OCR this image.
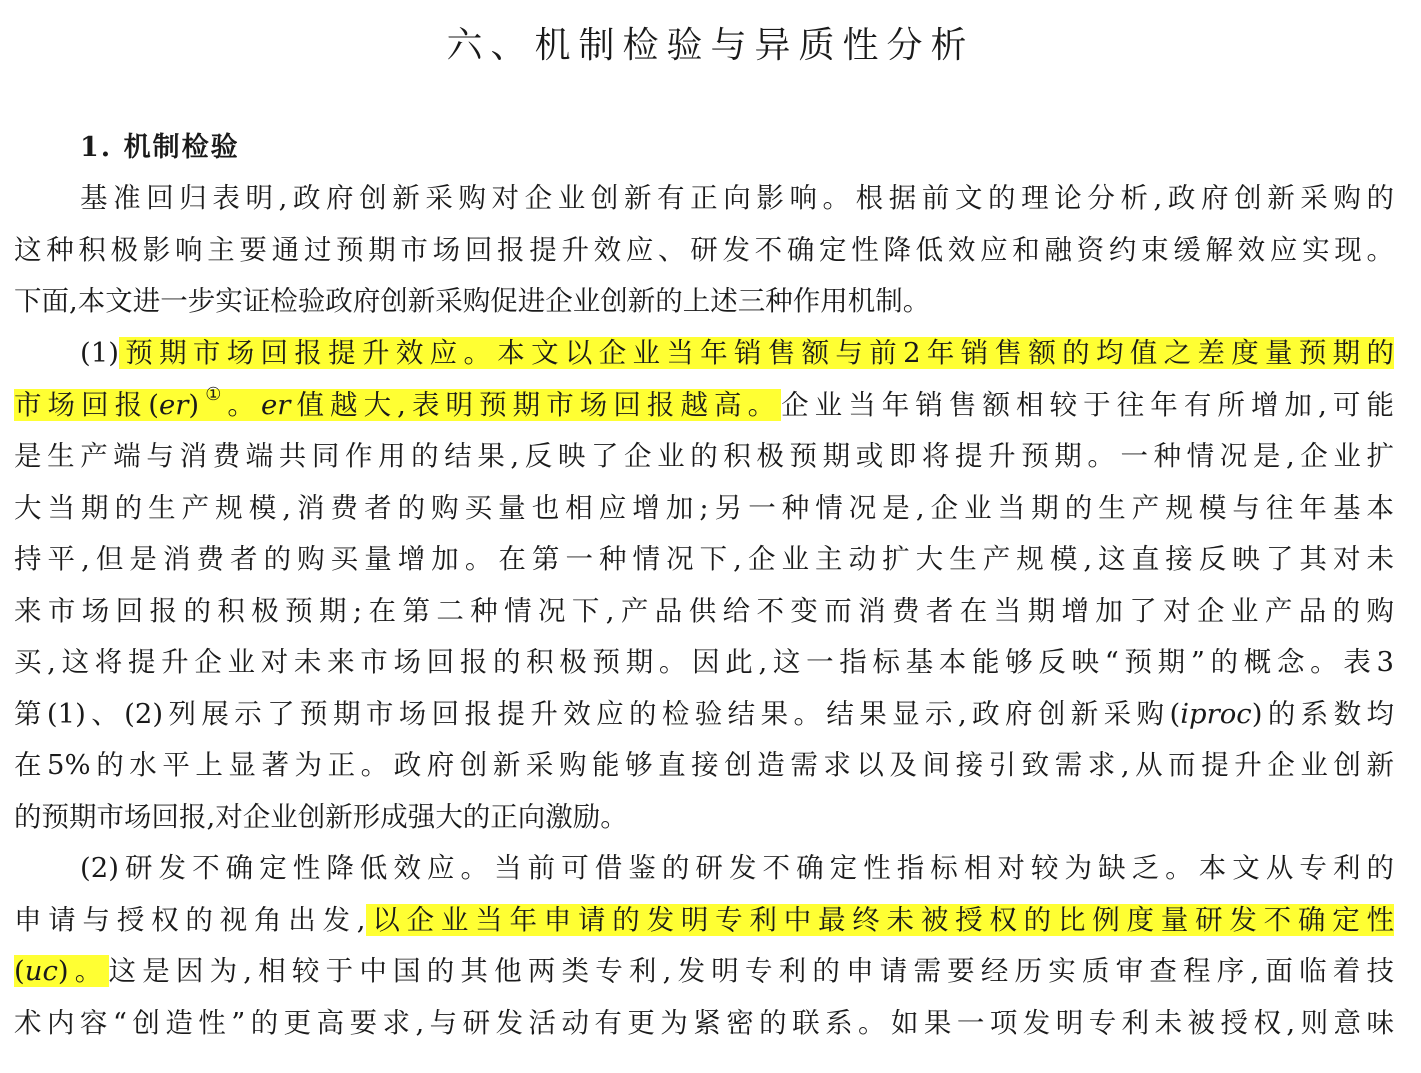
六、机制检验与异质性分析
1. 机制检验
基准回归表明,政府创新采购对企业创新有正向影响。根据前文的理论分析,政府创新采购的
这种积极影响主要通过预期市场回报提升效应、研发不确定性降低效应和融资约束缓解效应实现。
下面,本文进一步实证检验政府创新采购促进企业创新的上述三种作用机制。
(1)预期市场回报提升效应。本文以企业当年销售额与前2年销售额的均值之差度量预期的
市场回报(er)①。er值越大,表明预期市场回报越高。企业当年销售额相较于往年有所增加,可能
是生产端与消费端共同作用的结果,反映了企业的积极预期或即将提升预期。一种情况是,企业扩
大当期的生产规模,消费者的购买量也相应增加;另一种情况是,企业当期的生产规模与往年基本
持平,但是消费者的购买量增加。在第一种情况下,企业主动扩大生产规模,这直接反映了其对未
来市场回报的积极预期;在第二种情况下,产品供给不变而消费者在当期增加了对企业产品的购
买,这将提升企业对未来市场回报的积极预期。因此,这一指标基本能够反映“预期”的概念。表3
第(1)、(2)列展示了预期市场回报提升效应的检验结果。结果显示,政府创新采购(iproc)的系数均
在5%的水平上显著为正。政府创新采购能够直接创造需求以及间接引致需求,从而提升企业创新
的预期市场回报,对企业创新形成强大的正向激励。
(2)研发不确定性降低效应。当前可借鉴的研发不确定性指标相对较为缺乏。本文从专利的
申请与授权的视角出发,以企业当年申请的发明专利中最终未被授权的比例度量研发不确定性
(uc)。这是因为,相较于中国的其他两类专利,发明专利的申请需要经历实质审查程序,面临着技
术内容“创造性”的更高要求,与研发活动有更为紧密的联系。如果一项发明专利未被授权,则意味
